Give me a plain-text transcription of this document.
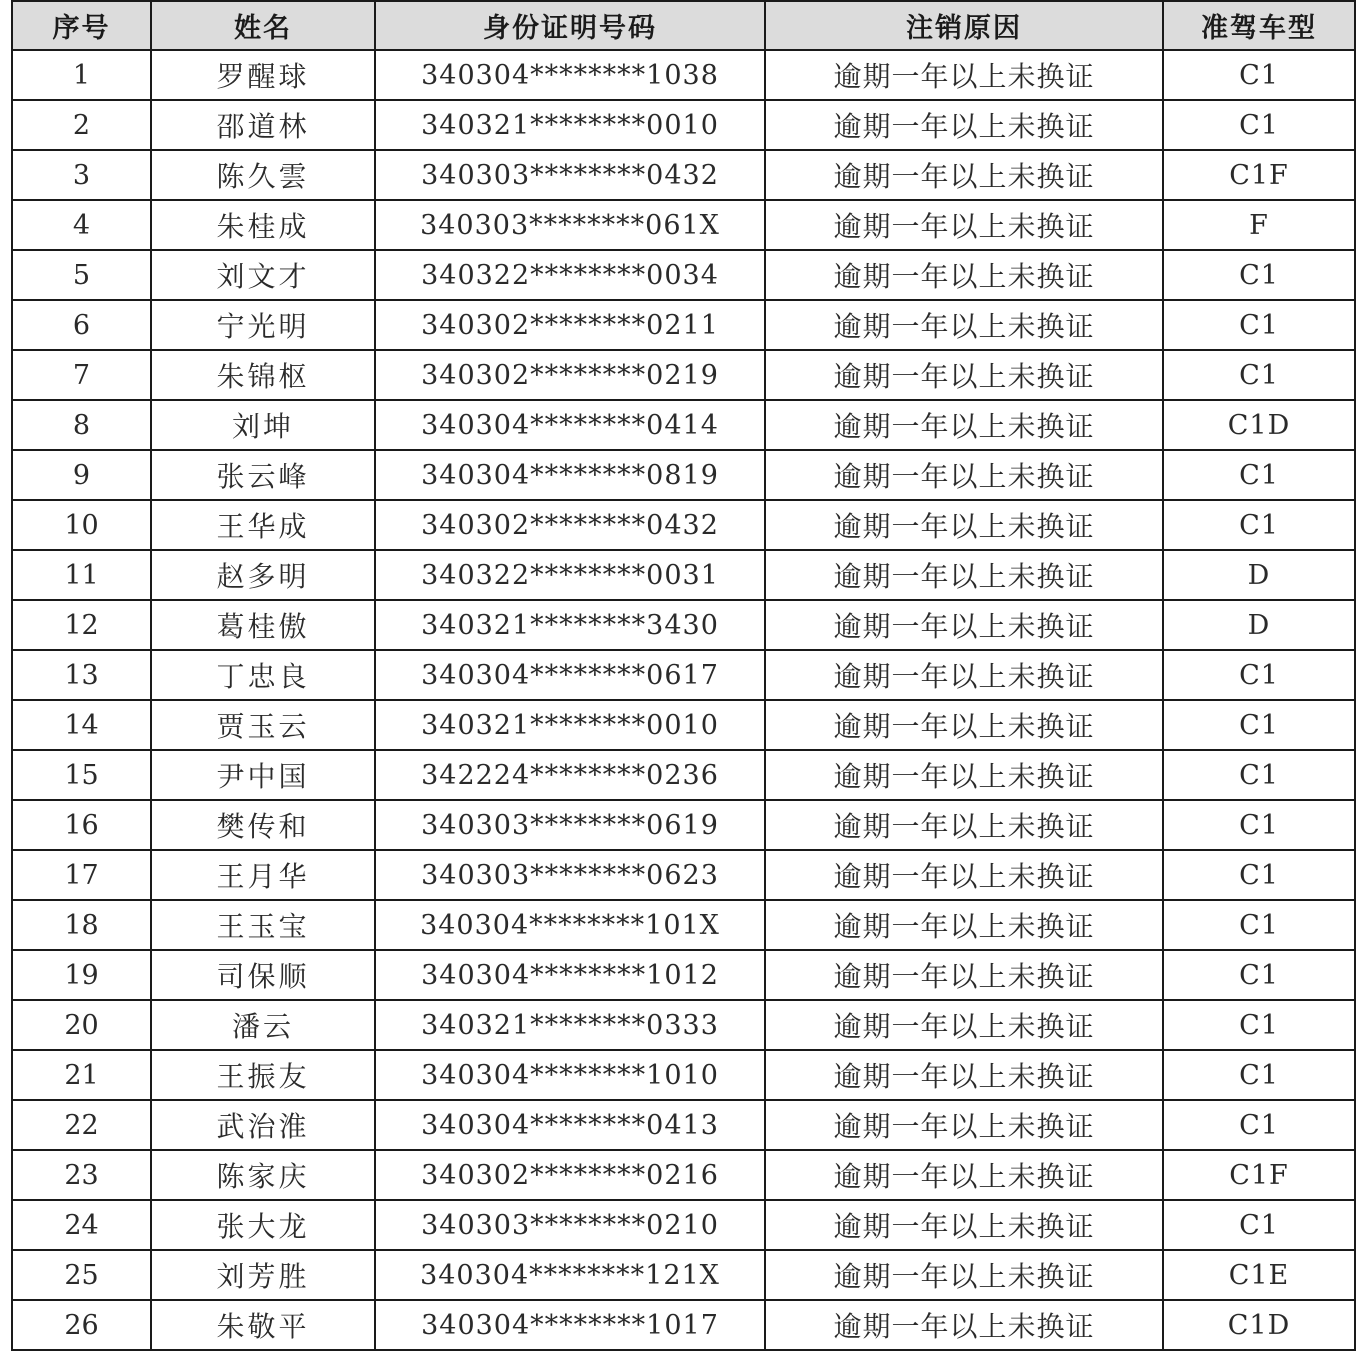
序号	姓名	身份证明号码	注销原因	准驾车型
1	罗醒球	340304********1038	逾期一年以上未换证	C1
2	邵道林	340321********0010	逾期一年以上未换证	C1
3	陈久雲	340303********0432	逾期一年以上未换证	C1F
4	朱桂成	340303********061X	逾期一年以上未换证	F
5	刘文才	340322********0034	逾期一年以上未换证	C1
6	宁光明	340302********0211	逾期一年以上未换证	C1
7	朱锦枢	340302********0219	逾期一年以上未换证	C1
8	刘坤	340304********0414	逾期一年以上未换证	C1D
9	张云峰	340304********0819	逾期一年以上未换证	C1
10	王华成	340302********0432	逾期一年以上未换证	C1
11	赵多明	340322********0031	逾期一年以上未换证	D
12	葛桂傲	340321********3430	逾期一年以上未换证	D
13	丁忠良	340304********0617	逾期一年以上未换证	C1
14	贾玉云	340321********0010	逾期一年以上未换证	C1
15	尹中国	342224********0236	逾期一年以上未换证	C1
16	樊传和	340303********0619	逾期一年以上未换证	C1
17	王月华	340303********0623	逾期一年以上未换证	C1
18	王玉宝	340304********101X	逾期一年以上未换证	C1
19	司保顺	340304********1012	逾期一年以上未换证	C1
20	潘云	340321********0333	逾期一年以上未换证	C1
21	王振友	340304********1010	逾期一年以上未换证	C1
22	武治淮	340304********0413	逾期一年以上未换证	C1
23	陈家庆	340302********0216	逾期一年以上未换证	C1F
24	张大龙	340303********0210	逾期一年以上未换证	C1
25	刘芳胜	340304********121X	逾期一年以上未换证	C1E
26	朱敬平	340304********1017	逾期一年以上未换证	C1D
